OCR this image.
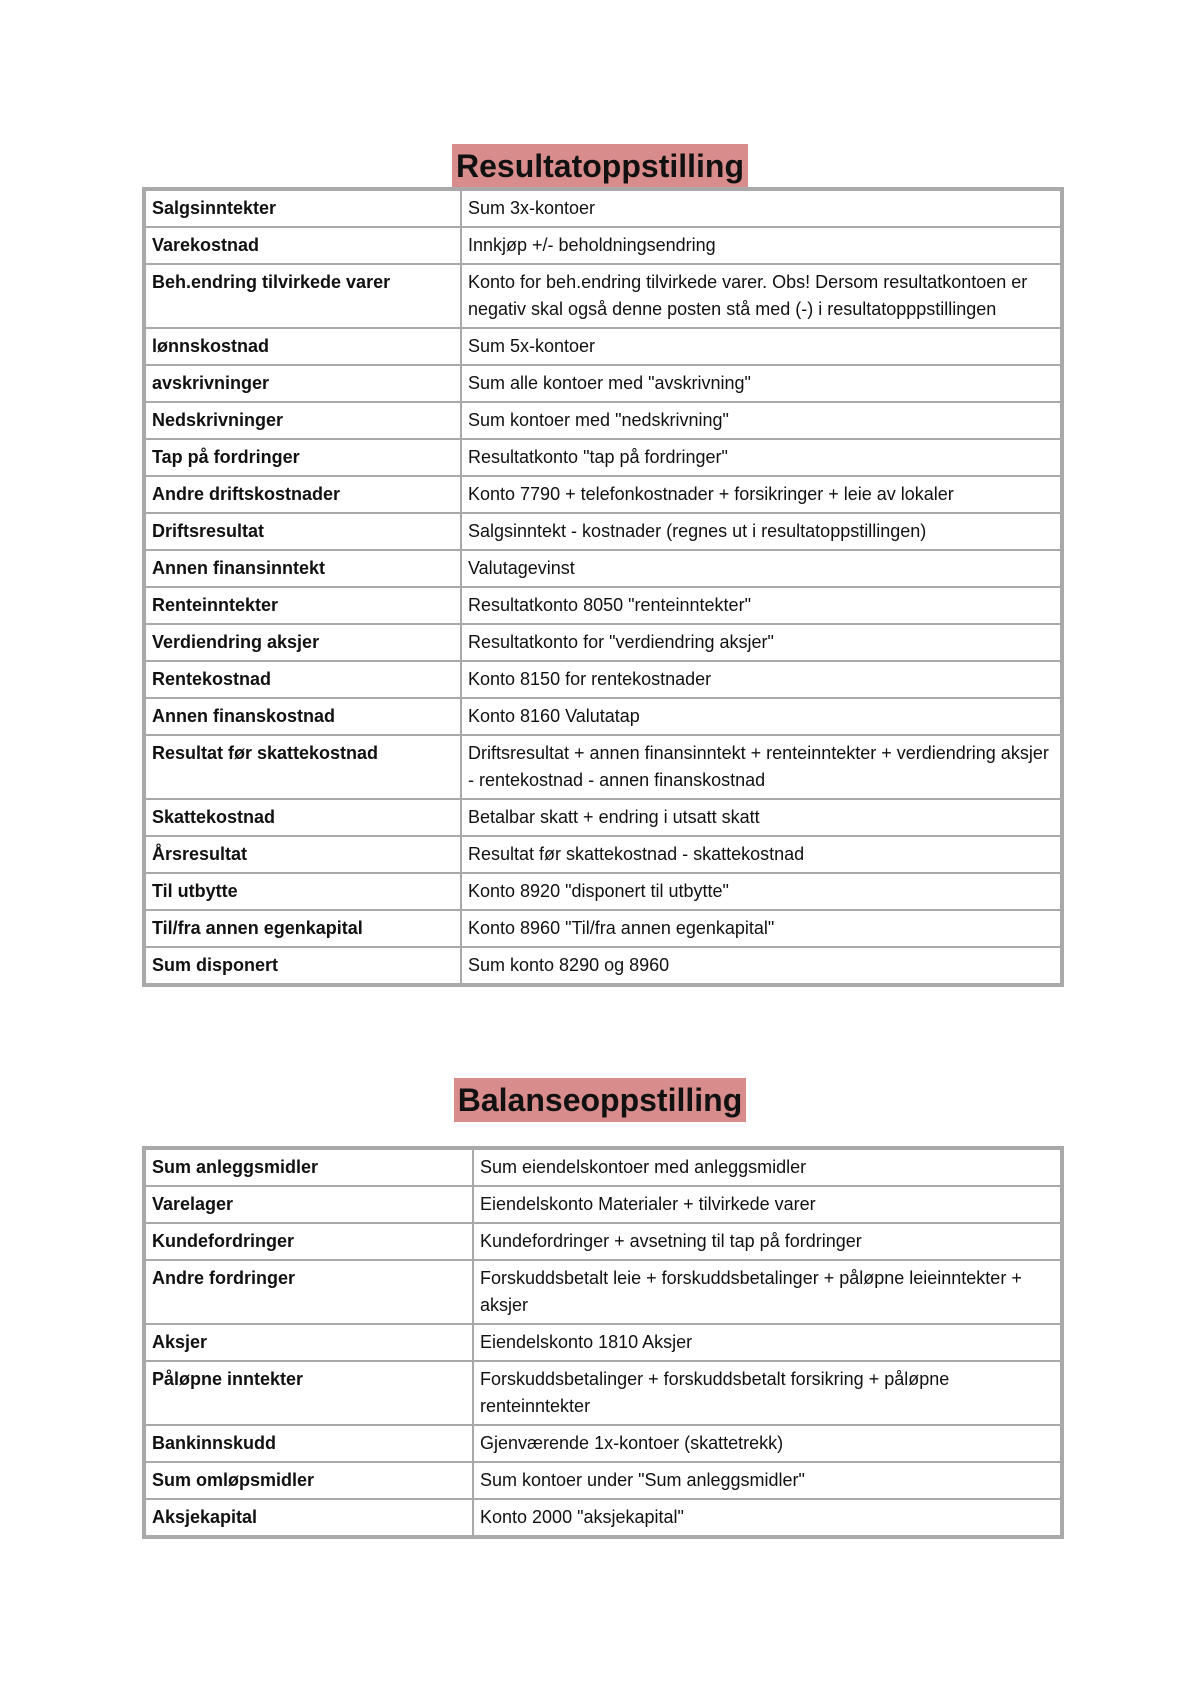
Resultatoppstilling
Salgsinntekter	Sum 3x-kontoer
Varekostnad	Innkjøp +/- beholdningsendring
Beh.endring tilvirkede varer	Konto for beh.endring tilvirkede varer. Obs! Dersom resultatkontoen er negativ skal også denne posten stå med (-) i resultatopppstillingen
lønnskostnad	Sum 5x-kontoer
avskrivninger	Sum alle kontoer med "avskrivning"
Nedskrivninger	Sum kontoer med "nedskrivning"
Tap på fordringer	Resultatkonto "tap på fordringer"
Andre driftskostnader	Konto 7790 + telefonkostnader + forsikringer + leie av lokaler
Driftsresultat	Salgsinntekt - kostnader (regnes ut i resultatoppstillingen)
Annen finansinntekt	Valutagevinst
Renteinntekter	Resultatkonto 8050 "renteinntekter"
Verdiendring aksjer	Resultatkonto for "verdiendring aksjer"
Rentekostnad	Konto 8150 for rentekostnader
Annen finanskostnad	Konto 8160 Valutatap
Resultat før skattekostnad	Driftsresultat + annen finansinntekt + renteinntekter + verdiendring aksjer - rentekostnad - annen finanskostnad
Skattekostnad	Betalbar skatt + endring i utsatt skatt
Årsresultat	Resultat før skattekostnad - skattekostnad
Til utbytte	Konto 8920 "disponert til utbytte"
Til/fra annen egenkapital	Konto 8960 "Til/fra annen egenkapital"
Sum disponert	Sum konto 8290 og 8960
Balanseoppstilling
Sum anleggsmidler	Sum eiendelskontoer med anleggsmidler
Varelager	Eiendelskonto Materialer + tilvirkede varer
Kundefordringer	Kundefordringer + avsetning til tap på fordringer
Andre fordringer	Forskuddsbetalt leie + forskuddsbetalinger + påløpne leieinntekter + aksjer
Aksjer	Eiendelskonto 1810 Aksjer
Påløpne inntekter	Forskuddsbetalinger + forskuddsbetalt forsikring + påløpne renteinntekter
Bankinnskudd	Gjenværende 1x-kontoer (skattetrekk)
Sum omløpsmidler	Sum kontoer under "Sum anleggsmidler"
Aksjekapital	Konto 2000 "aksjekapital"
